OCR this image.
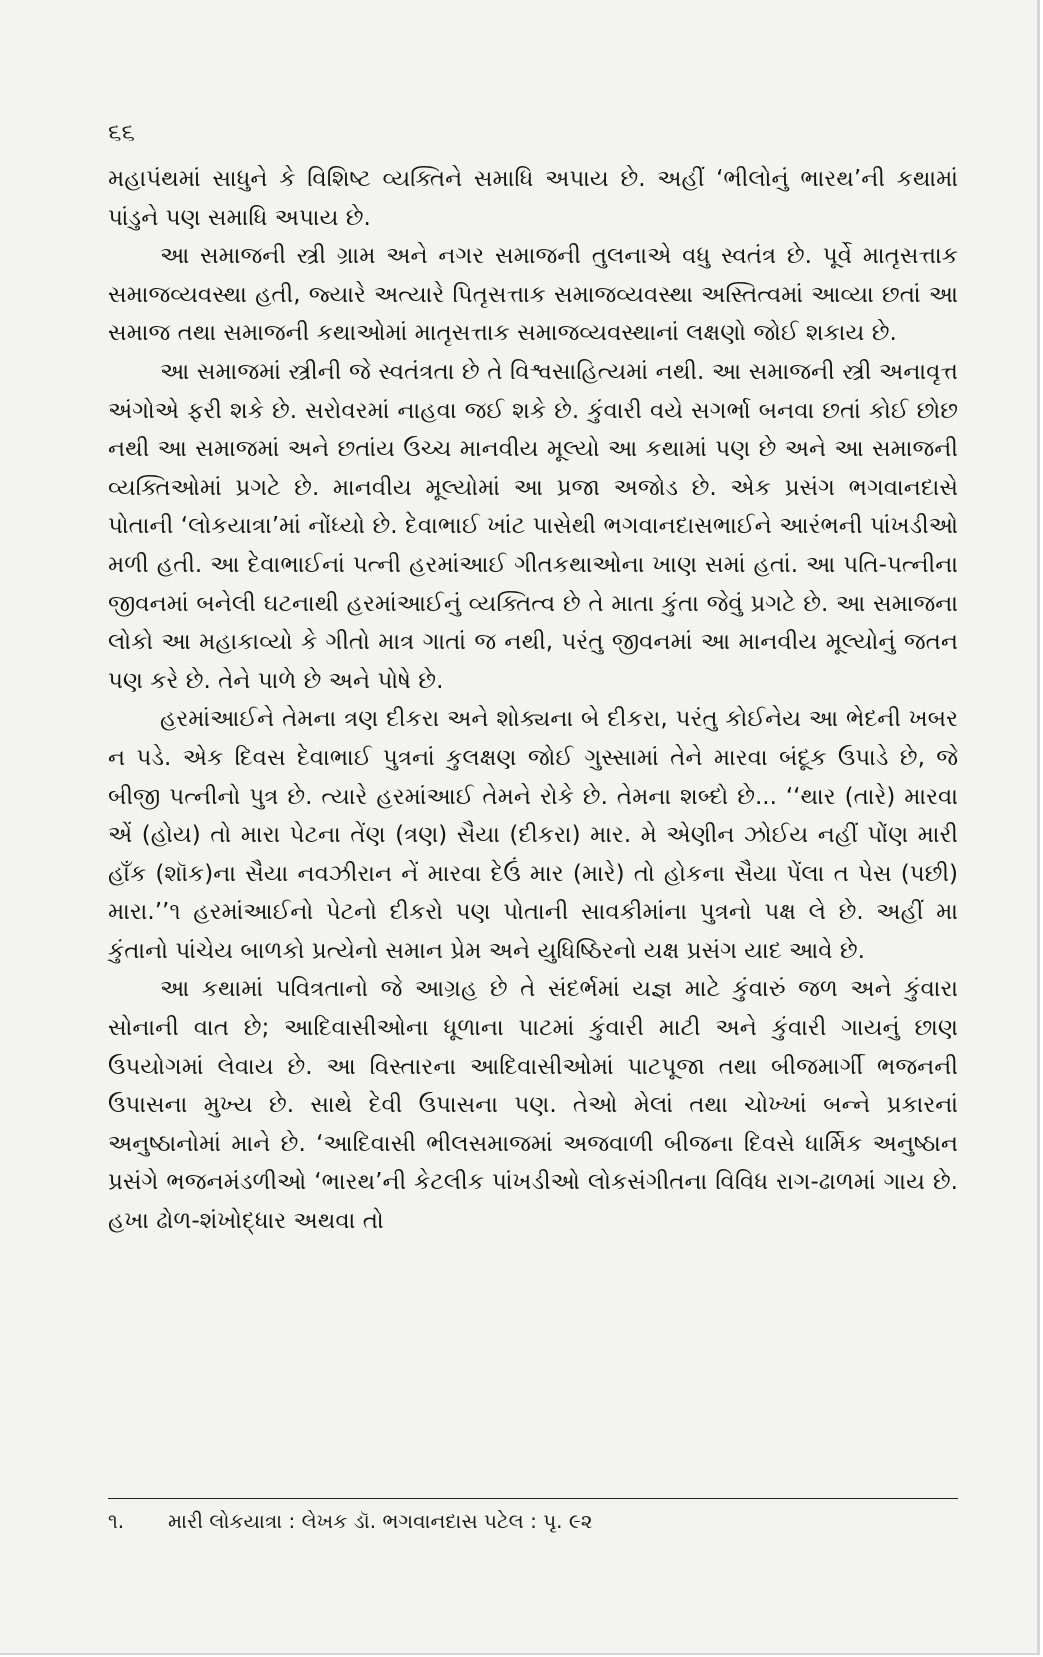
૬૬

મહાપંથમાં સાધુને કે વિશિષ્ટ વ્યક્તિને સમાધિ અપાય છે. અહીં ‘ભીલોનું ભારથ’ની કથામાં પાંડુને પણ સમાધિ અપાય છે.

આ સમાજની સ્ત્રી ગ્રામ અને નગર સમાજની તુલનાએ વધુ સ્વતંત્ર છે. પૂર્વે માતૃસત્તાક સમાજવ્યવસ્થા હતી, જ્યારે અત્યારે પિતૃસત્તાક સમાજવ્યવસ્થા અસ્તિત્વમાં આવ્યા છતાં આ સમાજ તથા સમાજની કથાઓમાં માતૃસત્તાક સમાજવ્યવસ્થાનાં લક્ષણો જોઈ શકાય છે.

આ સમાજમાં સ્ત્રીની જે સ્વતંત્રતા છે તે વિશ્વસાહિત્યમાં નથી. આ સમાજની સ્ત્રી અનાવૃત્ત અંગોએ ફરી શકે છે. સરોવરમાં નાહવા જઈ શકે છે. કુંવારી વયે સગર્ભા બનવા છતાં કોઈ છોછ નથી આ સમાજમાં અને છતાંય ઉચ્ચ માનવીય મૂલ્યો આ કથામાં પણ છે અને આ સમાજની વ્યક્તિઓમાં પ્રગટે છે. માનવીય મૂલ્યોમાં આ પ્રજા અજોડ છે. એક પ્રસંગ ભગવાનદાસે પોતાની ‘લોકયાત્રા’માં નોંધ્યો છે. દેવાભાઈ ખાંટ પાસેથી ભગવાનદાસભાઈને આરંભની પાંખડીઓ મળી હતી. આ દેવાભાઈનાં પત્ની હરમાંઆઈ ગીતકથાઓના ખાણ સમાં હતાં. આ પતિ-પત્નીના જીવનમાં બનેલી ઘટનાથી હરમાંઆઈનું વ્યક્તિત્વ છે તે માતા કુંતા જેવું પ્રગટે છે. આ સમાજના લોકો આ મહાકાવ્યો કે ગીતો માત્ર ગાતાં જ નથી, પરંતુ જીવનમાં આ માનવીય મૂલ્યોનું જતન પણ કરે છે. તેને પાળે છે અને પોષે છે.

હરમાંઆઈને તેમના ત્રણ દીકરા અને શોક્યના બે દીકરા, પરંતુ કોઈનેય આ ભેદની ખબર ન પડે. એક દિવસ દેવાભાઈ પુત્રનાં કુલક્ષણ જોઈ ગુસ્સામાં તેને મારવા બંદૂક ઉપાડે છે, જે બીજી પત્નીનો પુત્ર છે. ત્યારે હરમાંઆઈ તેમને રોકે છે. તેમના શબ્દો છે... ‘‘થાર (તારે) મારવા એં (હોય) તો મારા પેટના તેંણ (ત્રણ) સૈયા (દીકરા) માર. મે એણીન ઝોઈય નહીં પોંણ મારી હાઁક (શૉક)ના સૈયા નવઝીરાન નેં મારવા દેઉં માર (મારે) તો હોકના સૈયા પેંલા ત પેસ (પછી) મારા.’’૧ હરમાંઆઈનો પેટનો દીકરો પણ પોતાની સાવકીમાંના પુત્રનો પક્ષ લે છે. અહીં મા કુંતાનો પાંચેય બાળકો પ્રત્યેનો સમાન પ્રેમ અને યુધિષ્ઠિરનો યક્ષ પ્રસંગ યાદ આવે છે.

આ કથામાં પવિત્રતાનો જે આગ્રહ છે તે સંદર્ભમાં યજ્ઞ માટે કુંવારું જળ અને કુંવારા સોનાની વાત છે; આદિવાસીઓના ધૂળાના પાટમાં કુંવારી માટી અને કુંવારી ગાયનું છાણ ઉપયોગમાં લેવાય છે. આ વિસ્તારના આદિવાસીઓમાં પાટપૂજા તથા બીજમાર્ગી ભજનની ઉપાસના મુખ્ય છે. સાથે દેવી ઉપાસના પણ. તેઓ મેલાં તથા ચોખ્ખાં બન્ને પ્રકારનાં અનુષ્ઠાનોમાં માને છે. ‘આદિવાસી ભીલસમાજમાં અજવાળી બીજના દિવસે ધાર્મિક અનુષ્ઠાન પ્રસંગે ભજનમંડળીઓ ‘ભારથ’ની કેટલીક પાંખડીઓ લોકસંગીતના વિવિધ રાગ-ઢાળમાં ગાય છે. હખા ઢોળ-શંખોદ્ધાર અથવા તો

૧. મારી લોકયાત્રા : લેખક ડૉ. ભગવાનદાસ પટેલ : પૃ. ૯૨
